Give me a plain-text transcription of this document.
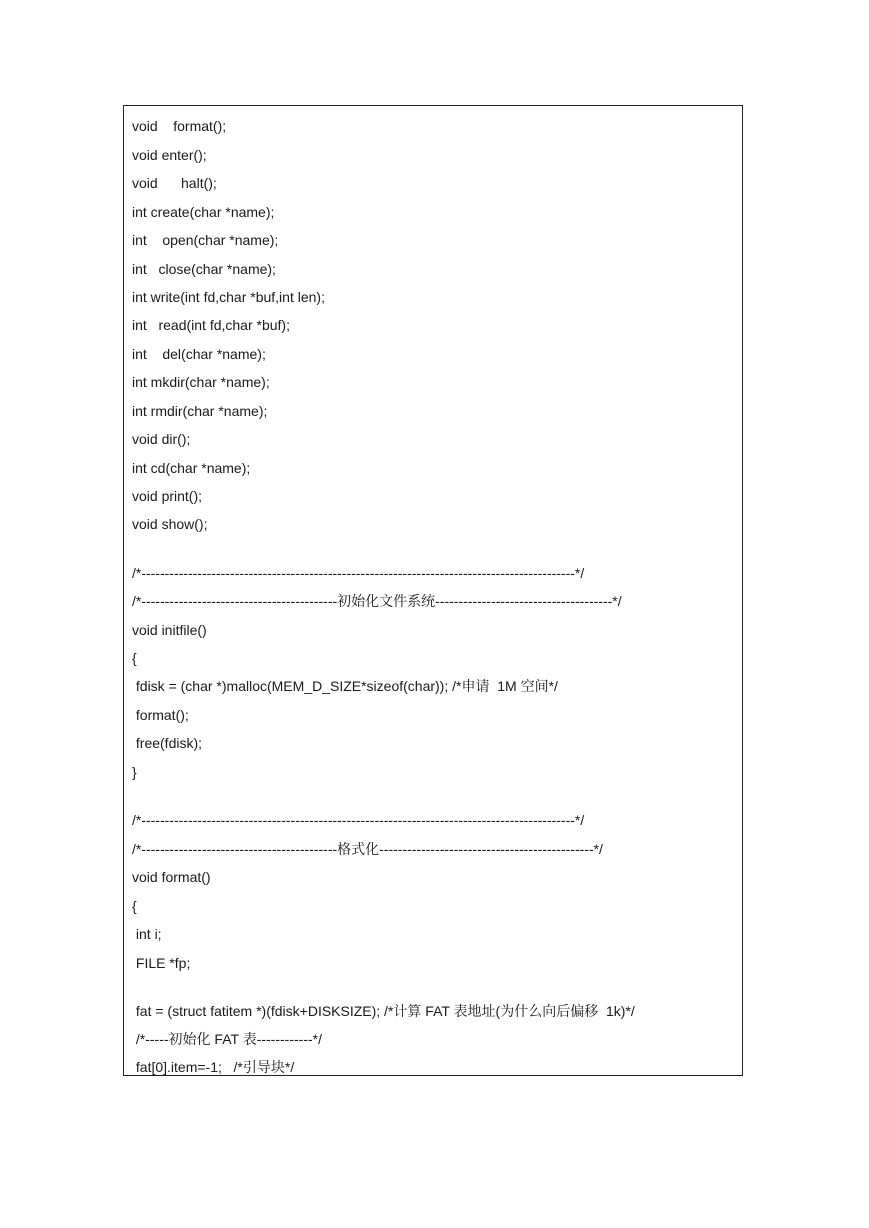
void    format();
void enter();
void      halt();
int create(char *name);
int    open(char *name);
int   close(char *name);
int write(int fd,char *buf,int len);
int   read(int fd,char *buf);
int    del(char *name);
int mkdir(char *name);
int rmdir(char *name);
void dir();
int cd(char *name);
void print();
void show();
/*---------------------------------------------------------------------------------------------*/
/*------------------------------------------初始化文件系统--------------------------------------*/
void initfile()
{
fdisk = (char *)malloc(MEM_D_SIZE*sizeof(char)); /*申请  1M 空间*/
format();
free(fdisk);
}
/*---------------------------------------------------------------------------------------------*/
/*------------------------------------------格式化----------------------------------------------*/
void format()
{
int i;
FILE *fp;
fat = (struct fatitem *)(fdisk+DISKSIZE); /*计算 FAT 表地址(为什么向后偏移  1k)*/
/*-----初始化 FAT 表------------*/
fat[0].item=-1;   /*引导块*/
